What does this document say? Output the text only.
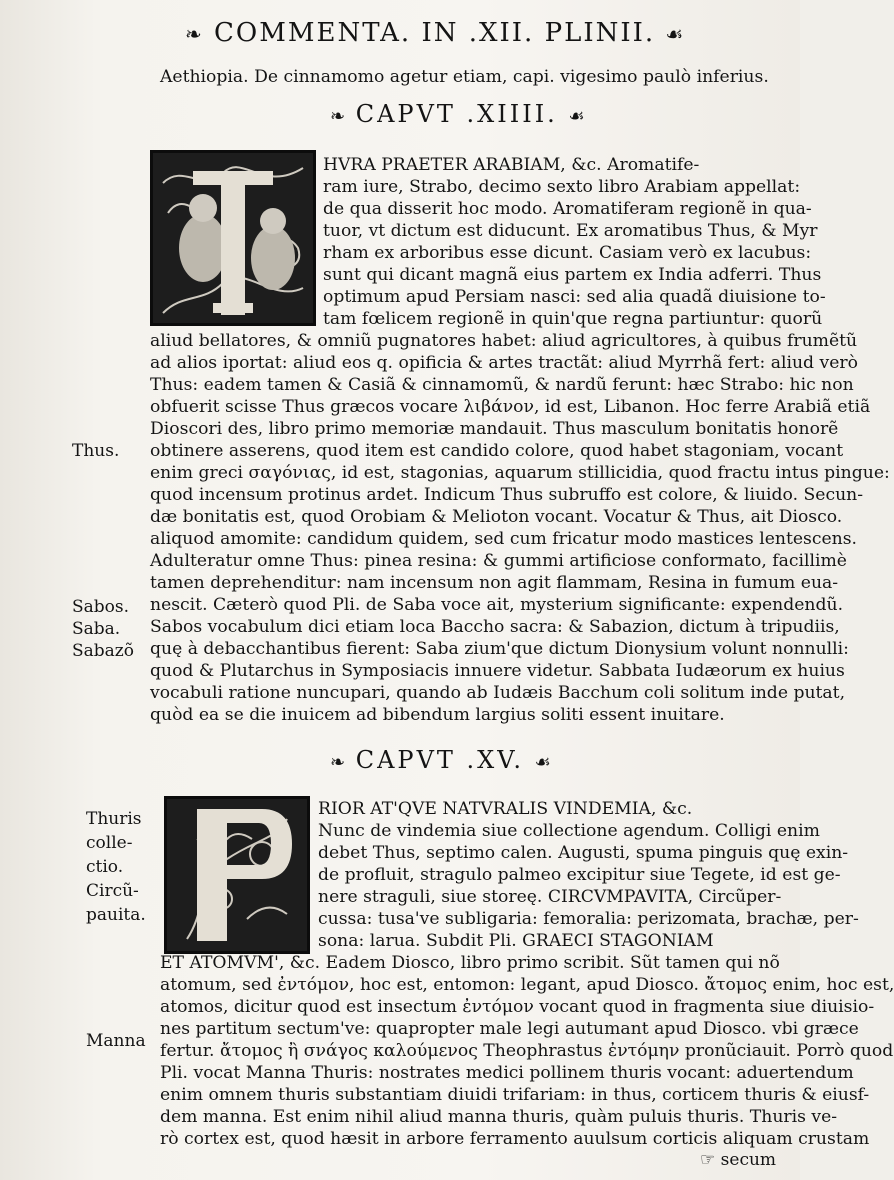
❧ COMMENTA. IN .XII. PLINII. ☙
Aethiopia. De cinnamomo agetur etiam, capi. vigesimo paulò inferius.
❧ CAPVT .XIIII. ☙
HVRA PRAETER ARABIAM, &c. Aromatife-
ram iure, Strabo, decimo sexto libro Arabiam appellat:
de qua disserit hoc modo. Aromatiferam regionẽ in qua-
tuor, vt dictum est diducunt. Ex aromatibus Thus, & Myr
rham ex arboribus esse dicunt. Casiam verò ex lacubus:
sunt qui dicant magnã eius partem ex India adferri. Thus
optimum apud Persiam nasci: sed alia quadã diuisione to-
tam fœlicem regionẽ in quin'que regna partiuntur: quorũ
aliud bellatores, & omniũ pugnatores habet: aliud agricultores, à quibus frumẽtũ
ad alios iportat: aliud eos q. opificia & artes tractãt: aliud Myrrhã fert: aliud verò
Thus: eadem tamen & Casiã & cinnamomũ, & nardũ ferunt: hæc Strabo: hic non
obfuerit scisse Thus græcos vocare λιβάνον, id est, Libanon. Hoc ferre Arabiã etiã
Dioscori des, libro primo memoriæ mandauit. Thus masculum bonitatis honorẽ
obtinere asserens, quod item est candido colore, quod habet stagoniam, vocant
enim greci σαγόνιας, id est, stagonias, aquarum stillicidia, quod fractu intus pingue:
quod incensum protinus ardet. Indicum Thus subruffo est colore, & liuido. Secun-
dæ bonitatis est, quod Orobiam & Melioton vocant. Vocatur & Thus, ait Diosco.
aliquod amomite: candidum quidem, sed cum fricatur modo mastices lentescens.
Adulteratur omne Thus: pinea resina: & gummi artificiose conformato, facillimè
tamen deprehenditur: nam incensum non agit flammam, Resina in fumum eua-
nescit. Cæterò quod Pli. de Saba voce ait, mysterium significante: expendendũ.
Sabos vocabulum dici etiam loca Baccho sacra: & Sabazion, dictum à tripudiis,
quę à debacchantibus fierent: Saba zium'que dictum Dionysium volunt nonnulli:
quod & Plutarchus in Symposiacis innuere videtur. Sabbata Iudæorum ex huius
vocabuli ratione nuncupari, quando ab Iudæis Bacchum coli solitum inde putat,
quòd ea se die inuicem ad bibendum largius soliti essent inuitare.
Thus.
Sabos.
Saba.
Sabazõ
❧ CAPVT .XV. ☙
RIOR AT'QVE NATVRALIS VINDEMIA, &c.
Nunc de vindemia siue collectione agendum. Colligi enim
debet Thus, septimo calen. Augusti, spuma pinguis quę exin-
de profluit, stragulo palmeo excipitur siue Tegete, id est ge-
nere straguli, siue storeę. CIRCVMPAVITA, Circũper-
cussa: tusa've subligaria: femoralia: perizomata, brachæ, per-
sona: larua. Subdit Pli. GRAECI STAGONIAM
ET ATOMVM', &c. Eadem Diosco, libro primo scribit. Sũt tamen qui nõ
atomum, sed ἐντόμον, hoc est, entomon: legant, apud Diosco. ἄτομος enim, hoc est,
atomos, dicitur quod est insectum ἐντόμον vocant quod in fragmenta siue diuisio-
nes partitum sectum've: quapropter male legi autumant apud Diosco. vbi græce
fertur. ἄτομος ἢ σνάγος καλούμενος Theophrastus ἐντόμην pronũciauit. Porrò quod
Pli. vocat Manna Thuris: nostrates medici pollinem thuris vocant: aduertendum
enim omnem thuris substantiam diuidi trifariam: in thus, corticem thuris & eiusf-
dem manna. Est enim nihil aliud manna thuris, quàm puluis thuris. Thuris ve-
rò cortex est, quod hæsit in arbore ferramento auulsum corticis aliquam crustam
Thuris
colle-
ctio.
Circũ-
pauita.
Manna
☞ secum
